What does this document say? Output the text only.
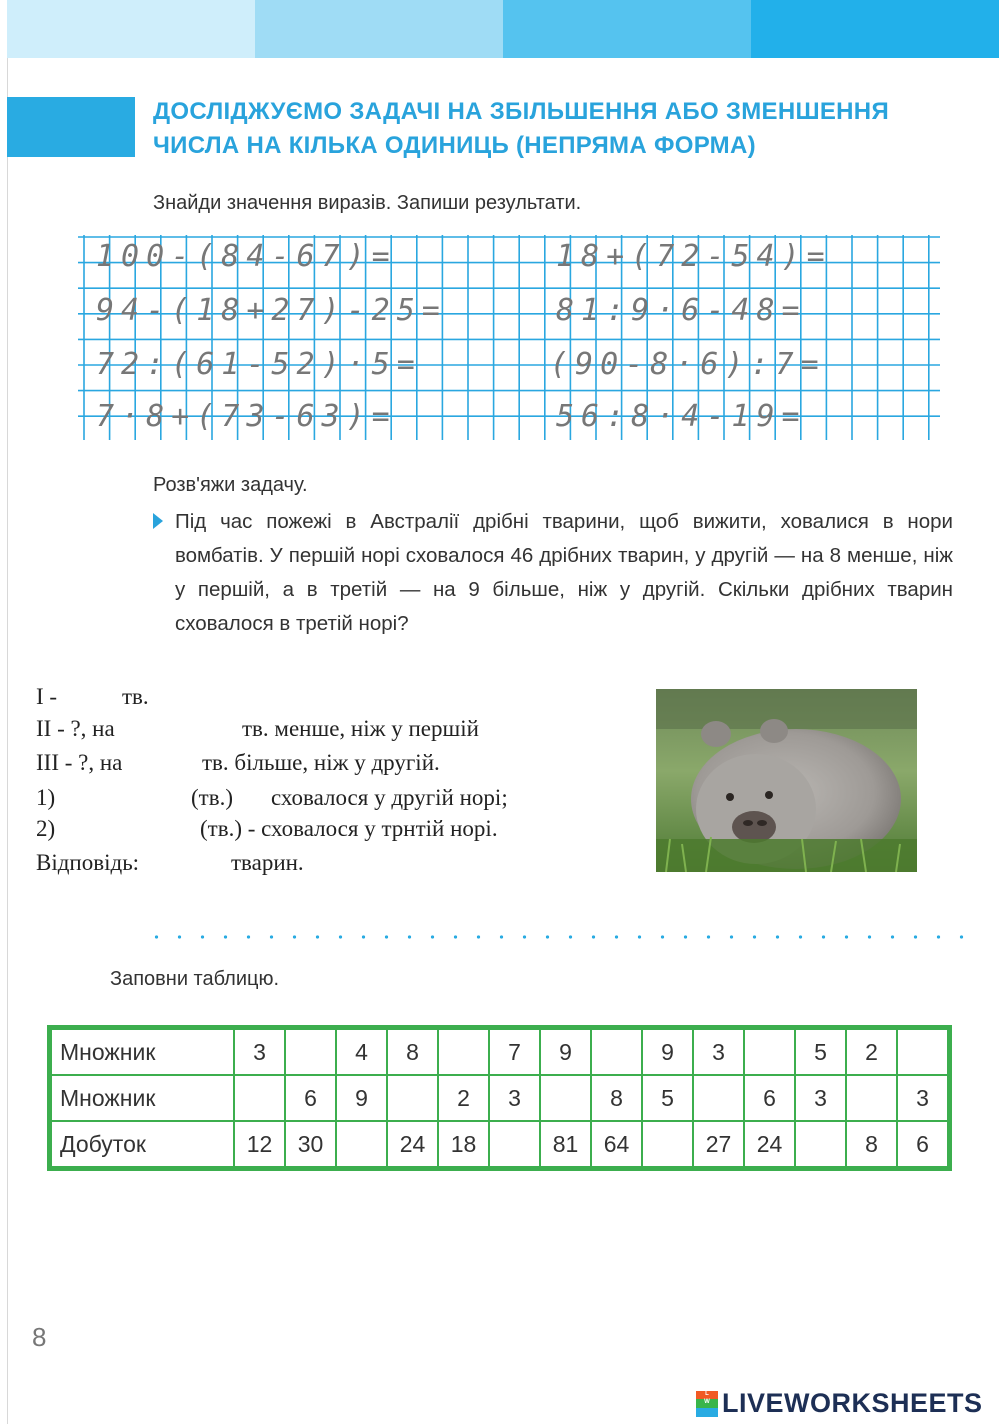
ДОСЛІДЖУЄМО ЗАДАЧІ НА ЗБІЛЬШЕННЯ АБО ЗМЕНШЕННЯ
ЧИСЛА НА КІЛЬКА ОДИНИЦЬ (НЕПРЯМА ФОРМА)
Знайди значення виразів. Запиши результати.
100-(84-67)=
94-(18+27)-25=
72:(61-52)·5=
7·8+(73-63)=
18+(72-54)=
81:9·6-48=
(90-8·6):7=
56:8·4-19=
Розв'яжи задачу.
Під час пожежі в Австралії дрібні тварини, щоб вижити, ховалися в нори вомбатів. У першій норі сховалося 46 дрібних тварин, у другій — на 8 менше, ніж у першій, а в третій — на 9 більше, ніж у другій. Скільки дрібних тварин сховалося в третій норі?
І -	тв.
ІІ - ?, на	тв. менше, ніж у першій
ІІІ - ?, на	тв. більше, ніж у другій.
1)	(тв.) сховалося у другій норі;
2)	(тв.) - сховалося у трнтій норі.
Відповідь:	тварин.
Заповни таблицю.
Множник	3		4	8		7	9		9	3		5	2	
Множник		6	9		2	3		8	5		6	3		3
Добуток	12	30		24	18		81	64		27	24		8	6
8
L
W LIVEWORKSHEETS
